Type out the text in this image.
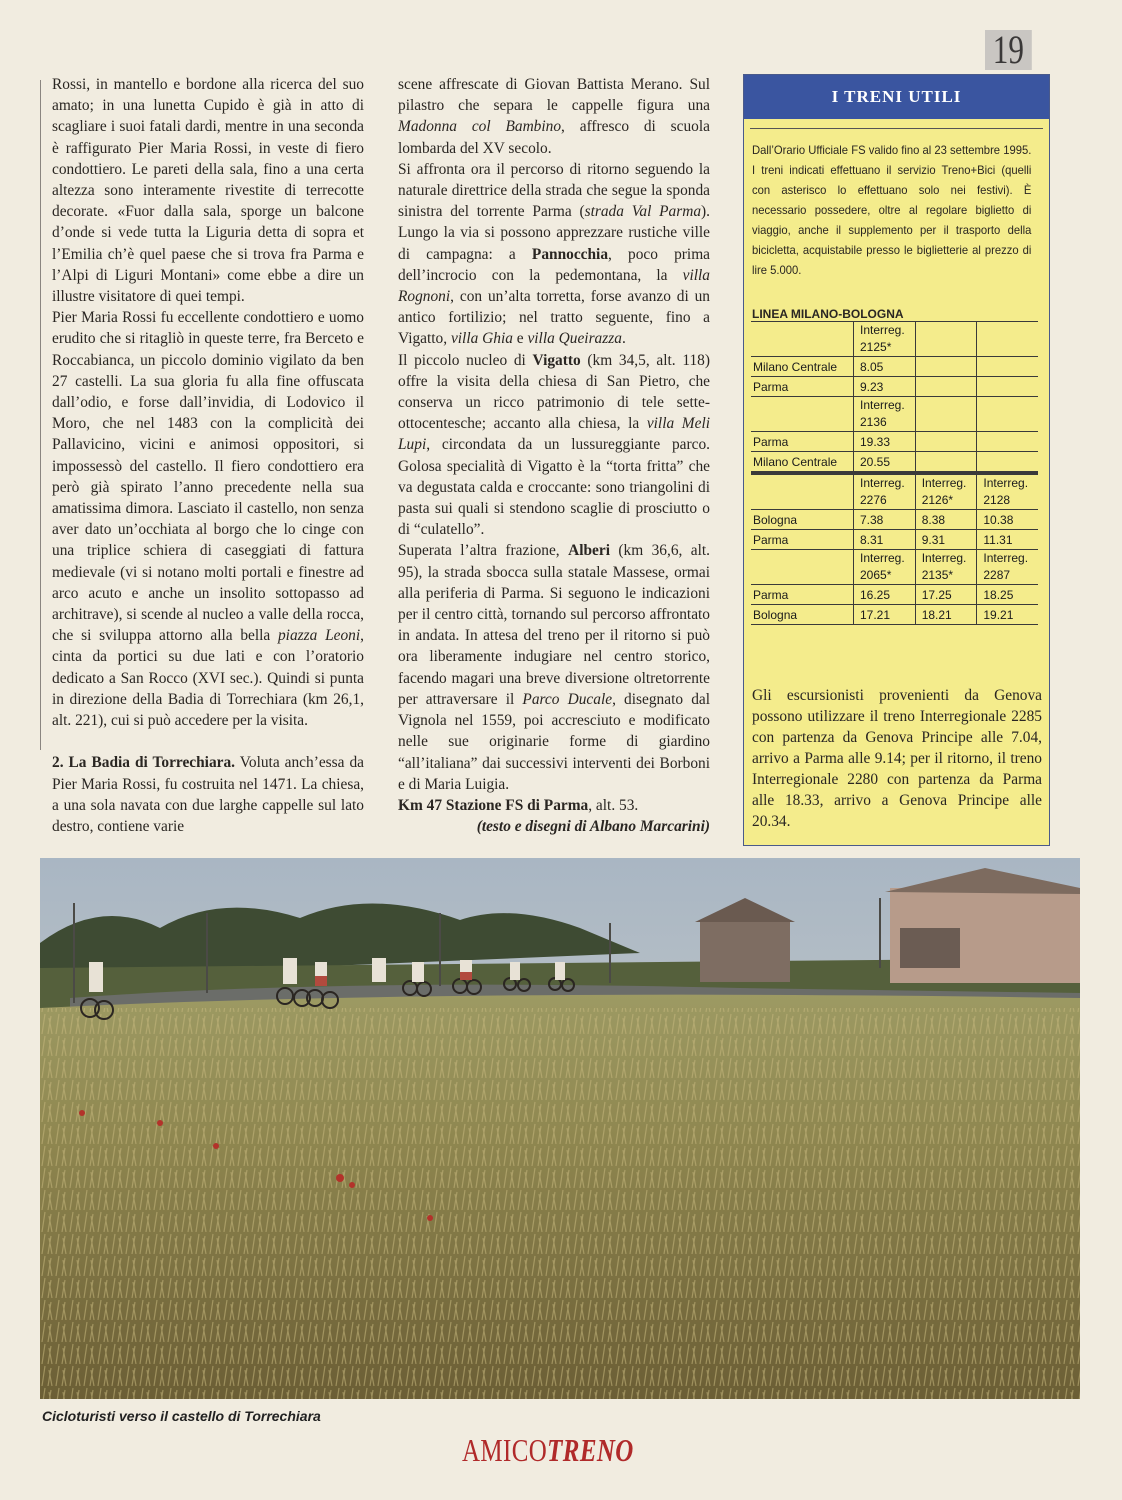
19

Rossi, in mantello e bordone alla ricerca del suo amato; in una lunetta Cupido è già in atto di scagliare i suoi fatali dardi, mentre in una seconda è raffigurato Pier Maria Rossi, in veste di fiero condottiero. Le pareti della sala, fino a una certa altezza sono interamente rivestite di terrecotte decorate. «Fuor dalla sala, sporge un balcone d’onde si vede tutta la Liguria detta di sopra et l’Emilia ch’è quel paese che si trova fra Parma e l’Alpi di Liguri Montani» come ebbe a dire un illustre visitatore di quei tempi.

Pier Maria Rossi fu eccellente condottiero e uomo erudito che si ritagliò in queste terre, fra Berceto e Roccabianca, un piccolo dominio vigilato da ben 27 castelli. La sua gloria fu alla fine offuscata dall’odio, e forse dall’invidia, di Lodovico il Moro, che nel 1483 con la complicità dei Pallavicino, vicini e animosi oppositori, si impossessò del castello. Il fiero condottiero era però già spirato l’anno precedente nella sua amatissima dimora. Lasciato il castello, non senza aver dato un’occhiata al borgo che lo cinge con una triplice schiera di caseggiati di fattura medievale (vi si notano molti portali e finestre ad arco acuto e anche un insolito sottopasso ad architrave), si scende al nucleo a valle della rocca, che si sviluppa attorno alla bella piazza Leoni, cinta da portici su due lati e con l’oratorio dedicato a San Rocco (XVI sec.). Quindi si punta in direzione della Badia di Torrechiara (km 26,1, alt. 221), cui si può accedere per la visita.

2. La Badia di Torrechiara. Voluta anch’essa da Pier Maria Rossi, fu costruita nel 1471. La chiesa, a una sola navata con due larghe cappelle sul lato destro, contiene varie

scene affrescate di Giovan Battista Merano. Sul pilastro che separa le cappelle figura una Madonna col Bambino, affresco di scuola lombarda del XV secolo.

Si affronta ora il percorso di ritorno seguendo la naturale direttrice della strada che segue la sponda sinistra del torrente Parma (strada Val Parma). Lungo la via si possono apprezzare rustiche ville di campagna: a Pannocchia, poco prima dell’incrocio con la pedemontana, la villa Rognoni, con un’alta torretta, forse avanzo di un antico fortilizio; nel tratto seguente, fino a Vigatto, villa Ghia e villa Queirazza.

Il piccolo nucleo di Vigatto (km 34,5, alt. 118) offre la visita della chiesa di San Pietro, che conserva un ricco patrimonio di tele sette-ottocentesche; accanto alla chiesa, la villa Meli Lupi, circondata da un lussureggiante parco. Golosa specialità di Vigatto è la “torta fritta” che va degustata calda e croccante: sono triangolini di pasta sui quali si stendono scaglie di prosciutto o di “culatello”.

Superata l’altra frazione, Alberi (km 36,6, alt. 95), la strada sbocca sulla statale Massese, ormai alla periferia di Parma. Si seguono le indicazioni per il centro città, tornando sul percorso affrontato in andata. In attesa del treno per il ritorno si può ora liberamente indugiare nel centro storico, facendo magari una breve diversione oltretorrente per attraversare il Parco Ducale, disegnato dal Vignola nel 1559, poi accresciuto e modificato nelle sue originarie forme di giardino “all’italiana” dai successivi interventi dei Borboni e di Maria Luigia.

Km 47 Stazione FS di Parma, alt. 53.

(testo e disegni di Albano Marcarini)

I TRENI UTILI
Dall’Orario Ufficiale FS valido fino al 23 settembre 1995. I treni indicati effettuano il servizio Treno+Bici (quelli con asterisco lo effettuano solo nei festivi). È necessario possedere, oltre al regolare biglietto di viaggio, anche il supplemento per il trasporto della bicicletta, acquistabile presso le biglietterie al prezzo di lire 5.000.
LINEA MILANO-BOLOGNA
	Interreg.		
	2125*		
Milano Centrale	8.05		
Parma	9.23		
	Interreg.		
	2136		
Parma	19.33		
Milano Centrale	20.55		
	Interreg.	Interreg.	Interreg.
	2276	2126*	2128
Bologna	7.38	8.38	10.38
Parma	8.31	9.31	11.31
	Interreg.	Interreg.	Interreg.
	2065*	2135*	2287
Parma	16.25	17.25	18.25
Bologna	17.21	18.21	19.21
Gli escursionisti provenienti da Genova possono utilizzare il treno Interregionale 2285 con partenza da Genova Principe alle 7.04, arrivo a Parma alle 9.14; per il ritorno, il treno Interregionale 2280 con partenza da Parma alle 18.33, arrivo a Genova Principe alle 20.34.
Cicloturisti verso il castello di Torrechiara
AMICOTRENO
